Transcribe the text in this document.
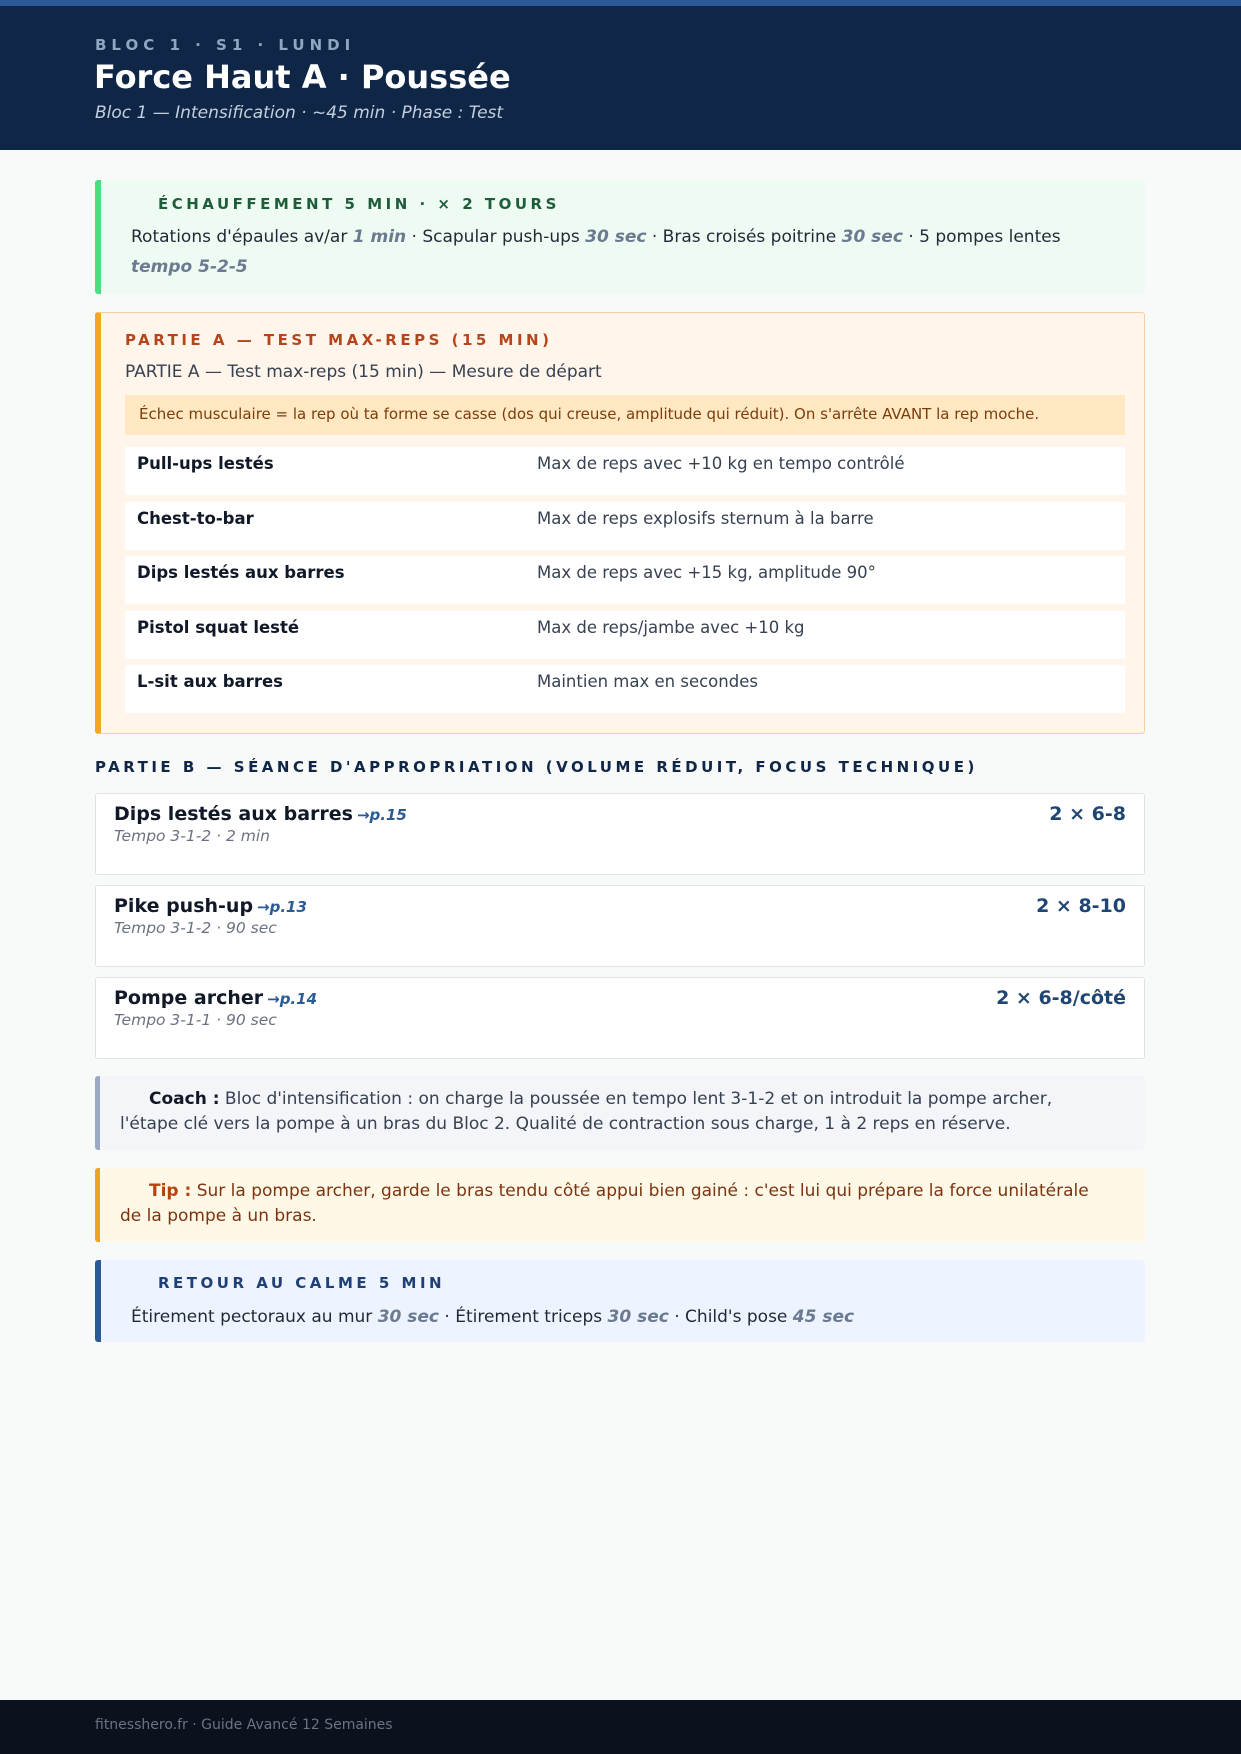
BLOC 1 · S1 · LUNDI
Force Haut A · Poussée
Bloc 1 — Intensification · ~45 min · Phase : Test
ÉCHAUFFEMENT 5 MIN · × 2 TOURS
Rotations d'épaules av/ar 1 min · Scapular push-ups 30 sec · Bras croisés poitrine 30 sec · 5 pompes lentes tempo 5-2-5
PARTIE A — TEST MAX-REPS (15 MIN)
PARTIE A — Test max-reps (15 min) — Mesure de départ
Échec musculaire = la rep où ta forme se casse (dos qui creuse, amplitude qui réduit). On s'arrête AVANT la rep moche.
Pull-ups lestés	Max de reps avec +10 kg en tempo contrôlé
Chest-to-bar	Max de reps explosifs sternum à la barre
Dips lestés aux barres	Max de reps avec +15 kg, amplitude 90°
Pistol squat lesté	Max de reps/jambe avec +10 kg
L-sit aux barres	Maintien max en secondes
PARTIE B — SÉANCE D'APPROPRIATION (VOLUME RÉDUIT, FOCUS TECHNIQUE)
Dips lestés aux barres →p.15
Tempo 3-1-2 · 2 min
2 × 6-8
Pike push-up →p.13
Tempo 3-1-2 · 90 sec
2 × 8-10
Pompe archer →p.14
Tempo 3-1-1 · 90 sec
2 × 6-8/côté
Coach : Bloc d'intensification : on charge la poussée en tempo lent 3-1-2 et on introduit la pompe archer, l'étape clé vers la pompe à un bras du Bloc 2. Qualité de contraction sous charge, 1 à 2 reps en réserve.
Tip : Sur la pompe archer, garde le bras tendu côté appui bien gainé : c'est lui qui prépare la force unilatérale de la pompe à un bras.
RETOUR AU CALME 5 MIN
Étirement pectoraux au mur 30 sec · Étirement triceps 30 sec · Child's pose 45 sec
fitnesshero.fr · Guide Avancé 12 Semaines
